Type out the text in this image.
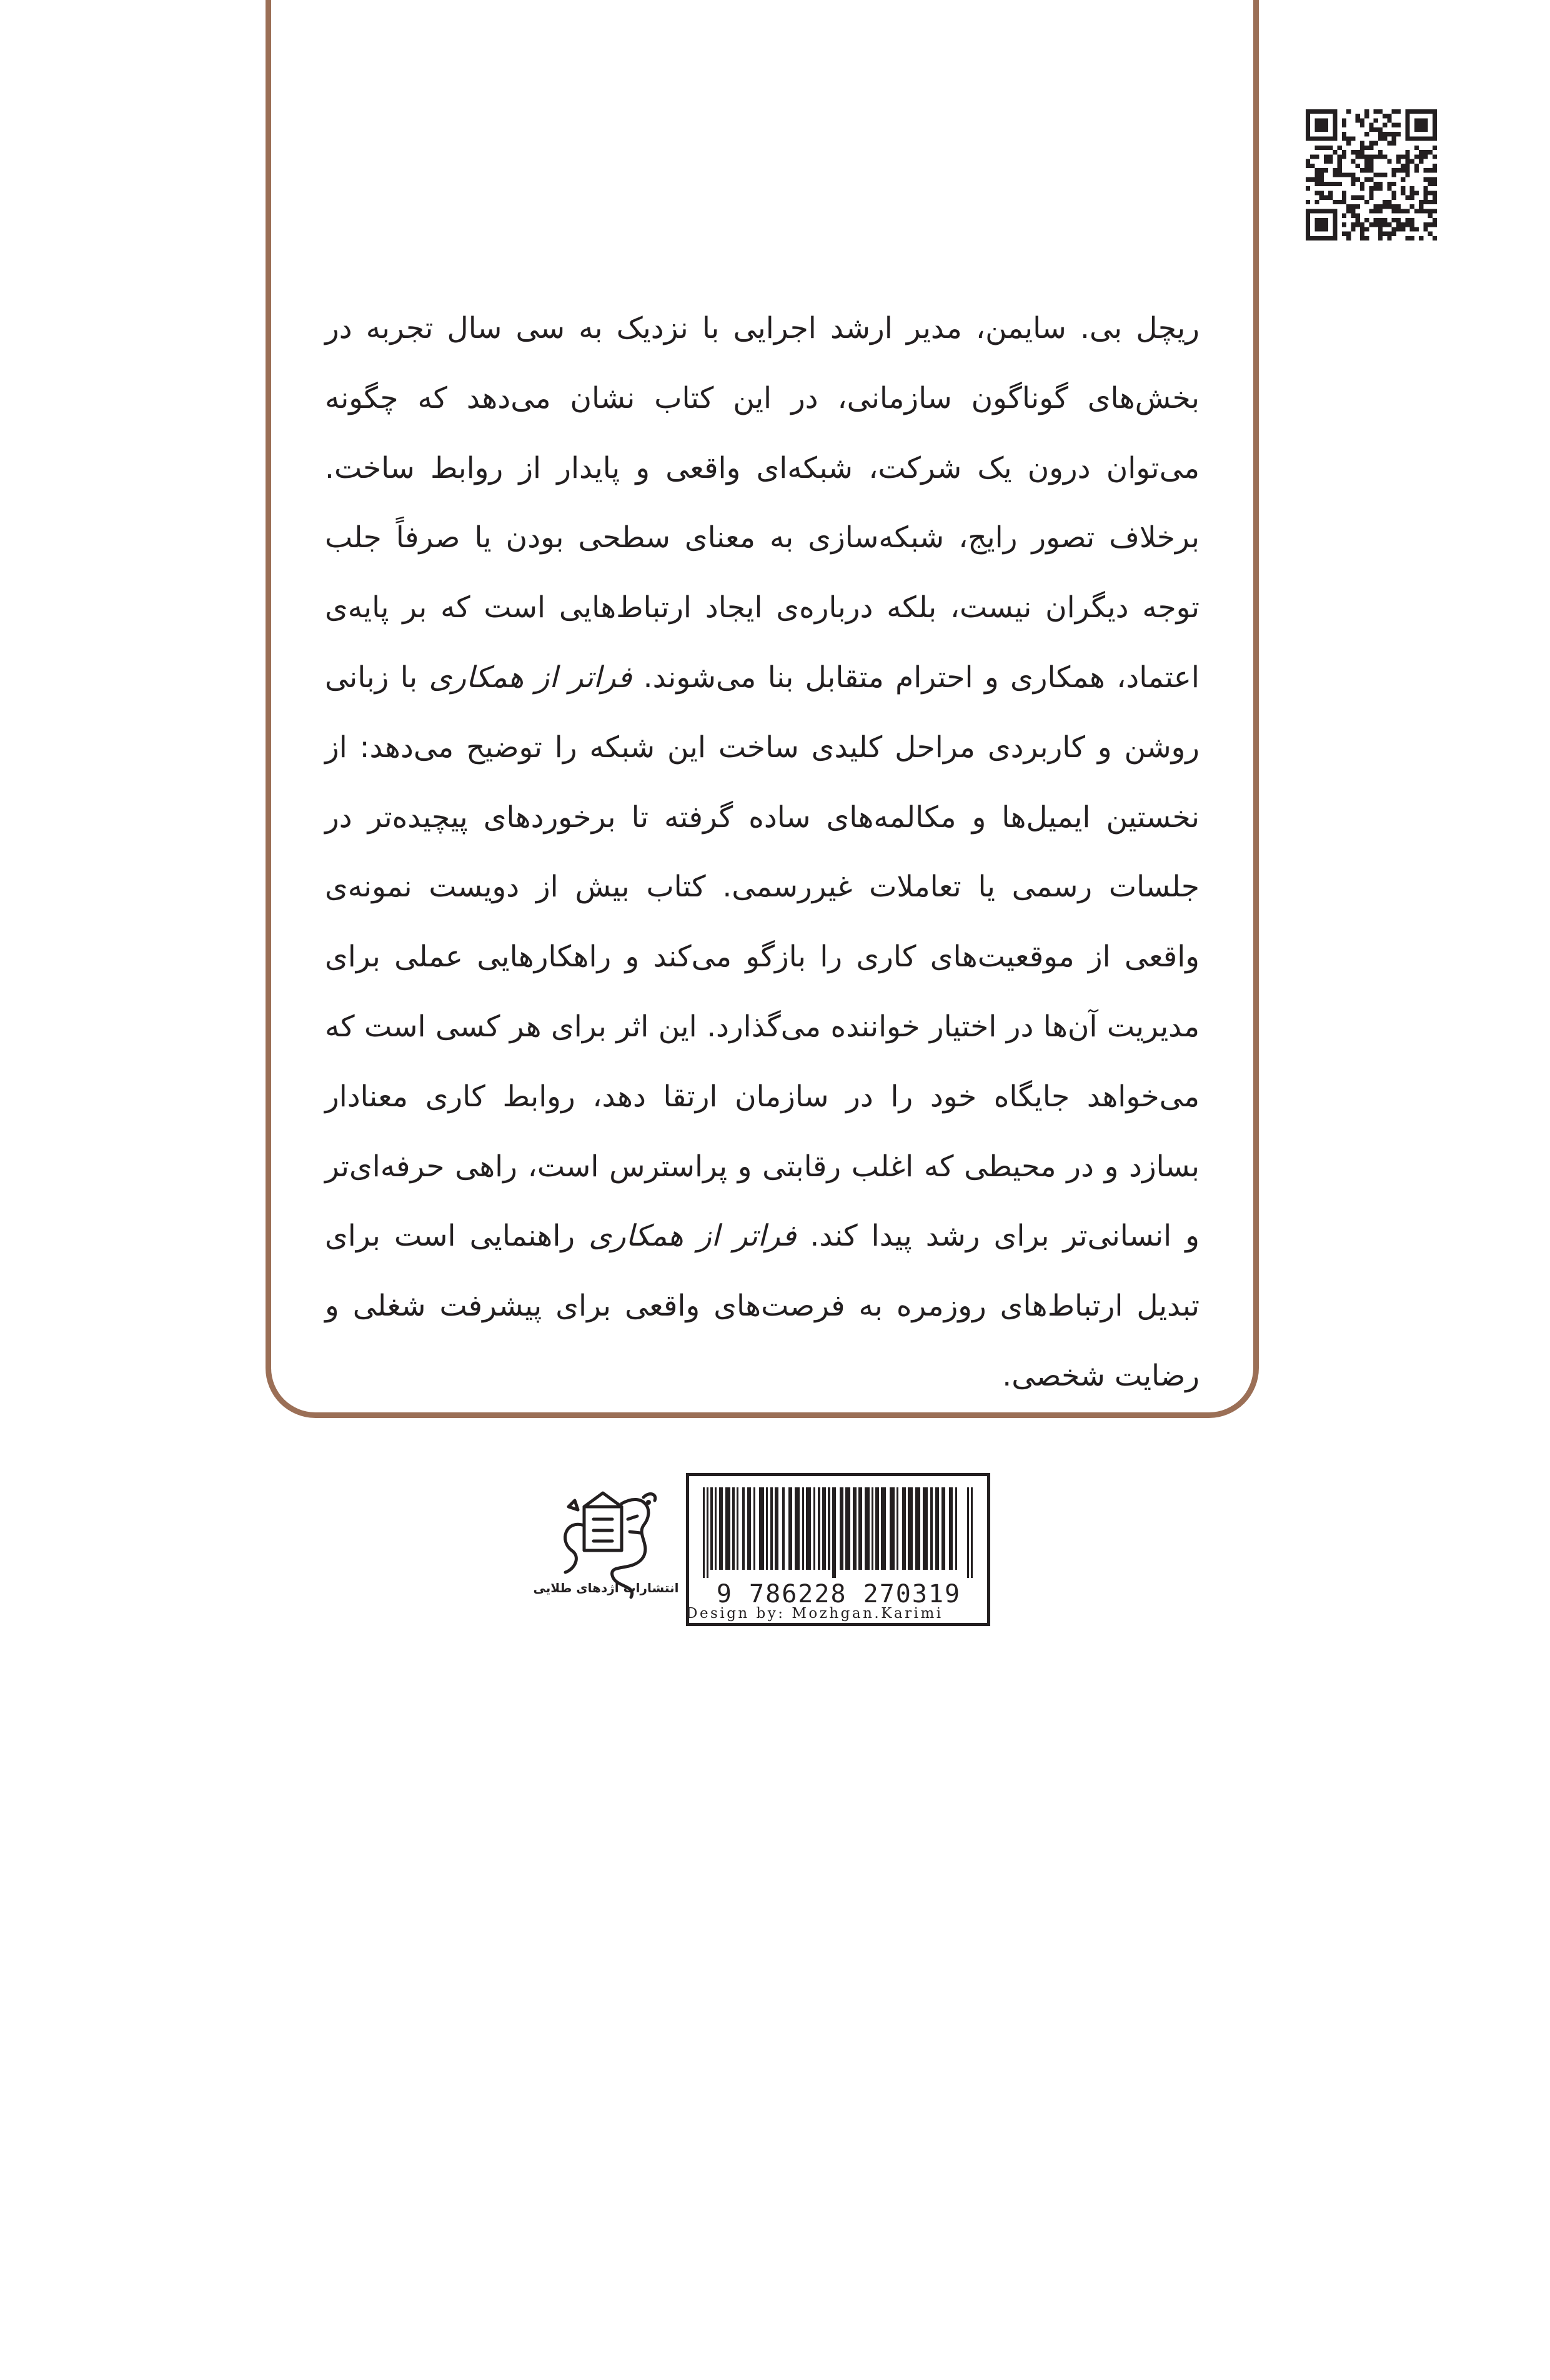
ریچل بی. سایمن، مدیر ارشد اجرایی با نزدیک به سی سال تجربه در بخش‌های گوناگون سازمانی، در این کتاب نشان می‌دهد که چگونه می‌توان درون یک شرکت، شبکه‌ای واقعی و پایدار از روابط ساخت. برخلاف تصور رایج، شبکه‌سازی به معنای سطحی بودن یا صرفاً جلب توجه دیگران نیست، بلکه درباره‌ی ایجاد ارتباط‌هایی است که بر پایه‌ی اعتماد، همکاری و احترام متقابل بنا می‌شوند. فراتر از همکاری با زبانی روشن و کاربردی مراحل کلیدی ساخت این شبکه را توضیح می‌دهد: از نخستین ایمیل‌ها و مکالمه‌های ساده گرفته تا برخوردهای پیچیده‌تر در جلسات رسمی یا تعاملات غیررسمی. کتاب بیش از دویست نمونه‌ی واقعی از موقعیت‌های کاری را بازگو می‌کند و راهکارهایی عملی برای مدیریت آن‌ها در اختیار خواننده می‌گذارد. این اثر برای هر کسی است که می‌خواهد جایگاه خود را در سازمان ارتقا دهد، روابط کاری معنادار بسازد و در محیطی که اغلب رقابتی و پراسترس است، راهی حرفه‌ای‌تر و انسانی‌تر برای رشد پیدا کند. فراتر از همکاری راهنمایی است برای تبدیل ارتباط‌های روزمره به فرصت‌های واقعی برای پیشرفت شغلی و رضایت شخصی.

انتشارات اژدهای طلایی	9 786228 270319
Design by: Mozhgan.Karimi
